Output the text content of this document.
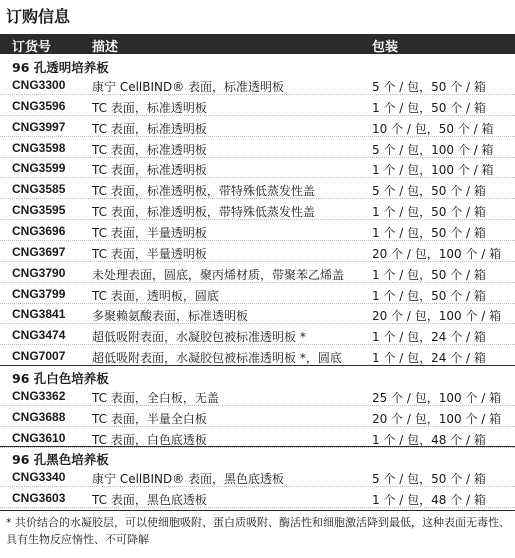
订购信息
订货号	描述	包装
96 孔透明培养板
CNG3300 康宁 CellBIND® 表面，标准透明板	5 个 / 包，50 个 / 箱
CNG3596 TC 表面，标准透明板	1 个 / 包，50 个 / 箱
CNG3997 TC 表面，标准透明板	10 个 / 包，50 个 / 箱
CNG3598 TC 表面，标准透明板	5 个 / 包，100 个 / 箱
CNG3599 TC 表面，标准透明板	1 个 / 包，100 个 / 箱
CNG3585 TC 表面，标准透明板，带特殊低蒸发性盖	5 个 / 包，50 个 / 箱
CNG3595 TC 表面，标准透明板，带特殊低蒸发性盖	1 个 / 包，50 个 / 箱
CNG3696 TC 表面，半量透明板	1 个 / 包，50 个 / 箱
CNG3697 TC 表面，半量透明板	20 个 / 包，100 个 / 箱
CNG3790 未处理表面，圆底，聚丙烯材质，带聚苯乙烯盖 1 个 / 包，50 个 / 箱
CNG3799 TC 表面，透明板，圆底	1 个 / 包，50 个 / 箱
CNG3841 多聚赖氨酸表面，标准透明板	20 个 / 包，100 个 / 箱
CNG3474 超低吸附表面，水凝胶包被标准透明板 *	1 个 / 包，24 个 / 箱
CNG7007 超低吸附表面，水凝胶包被标准透明板 *，圆底	1 个 / 包，24 个 / 箱
96 孔白色培养板
CNG3362 TC 表面，全白板，无盖	25 个 / 包，100 个 / 箱
CNG3688 TC 表面，半量全白板	20 个 / 包，100 个 / 箱
CNG3610 TC 表面，白色底透板	1 个 / 包，48 个 / 箱
96 孔黑色培养板
CNG3340 康宁 CellBIND® 表面，黑色底透板	5 个 / 包，50 个 / 箱
CNG3603 TC 表面，黑色底透板	1 个 / 包，48 个 / 箱
* 共价结合的水凝胶层，可以使细胞吸附、蛋白质吸附、酶活性和细胞激活降到最低，这种表面无毒性、具有生物反应惰性、不可降解
